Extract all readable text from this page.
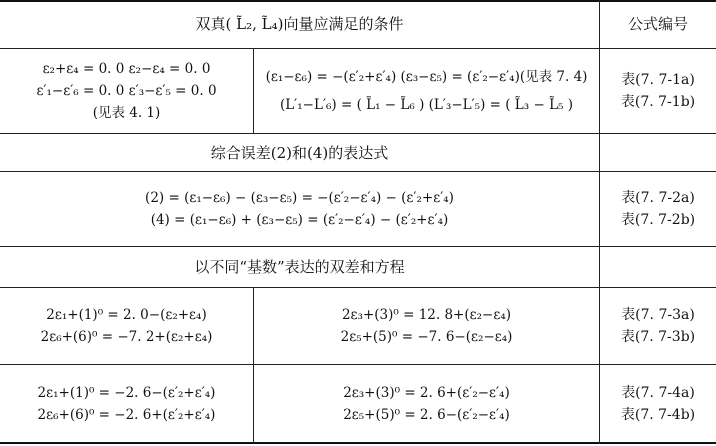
双真( L̃₂, L̃₄)向量应满足的条件	公式编号
ε₂+ε₄ = 0. 0 ε₂−ε₄ = 0. 0
ε′₁−ε′₆ = 0. 0 ε′₃−ε′₅ = 0. 0
(见表 4. 1)
(ε₁−ε₆) = −(ε′₂+ε′₄) (ε₃−ε₅) = (ε′₂−ε′₄)(见表 7. 4)
(L′₁−L′₆) = ( L̃₁ − L̃₆ ) (L′₃−L′₅) = ( L̃₃ − L̃₅ )
表(7. 7-1a)
表(7. 7-1b)
综合误差(2)和(4)的表达式
(2) = (ε₁−ε₆) − (ε₃−ε₅) = −(ε′₂−ε′₄) − (ε′₂+ε′₄)
(4) = (ε₁−ε₆) + (ε₃−ε₅) = (ε′₂−ε′₄) − (ε′₂+ε′₄)
表(7. 7-2a)
表(7. 7-2b)
以不同“基数”表达的双差和方程
2ε₁+(1)⁰ = 2. 0−(ε₂+ε₄)
2ε₆+(6)⁰ = −7. 2+(ε₂+ε₄)
2ε₃+(3)⁰ = 12. 8+(ε₂−ε₄)
2ε₅+(5)⁰ = −7. 6−(ε₂−ε₄)
表(7. 7-3a)
表(7. 7-3b)
2ε₁+(1)⁰ = −2. 6−(ε′₂+ε′₄)
2ε₆+(6)⁰ = −2. 6+(ε′₂+ε′₄)
2ε₃+(3)⁰ = 2. 6+(ε′₂−ε′₄)
2ε₅+(5)⁰ = 2. 6−(ε′₂−ε′₄)
表(7. 7-4a)
表(7. 7-4b)
